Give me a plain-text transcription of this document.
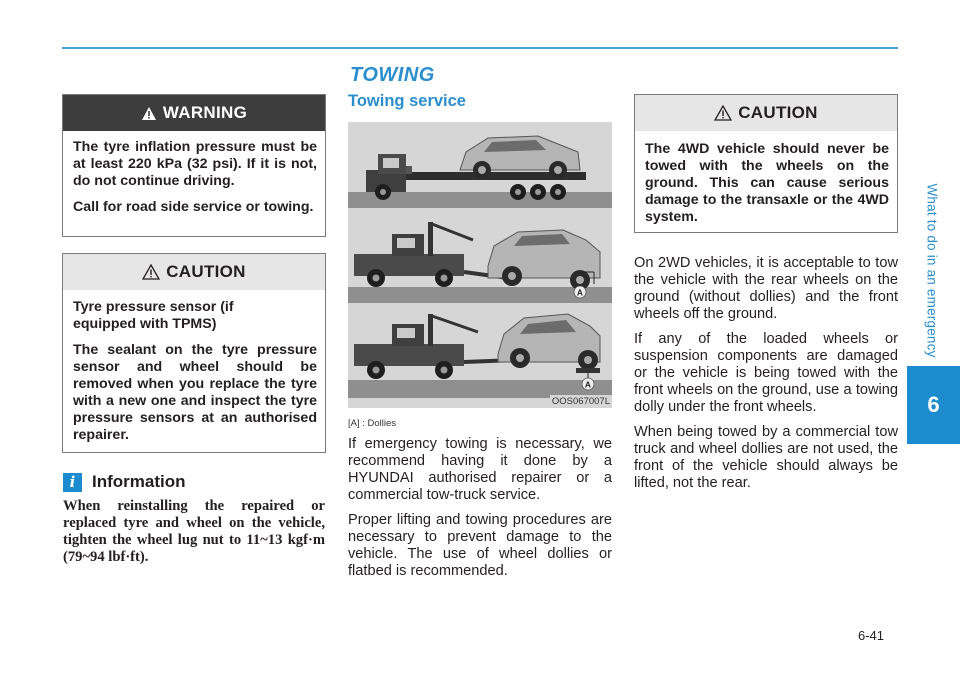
What to do in an emergency
6
WARNING

The tyre inflation pressure must be at least 220 kPa (32 psi). If it is not, do not continue driving.

Call for road side service or towing.

CAUTION

Tyre pressure sensor (if equipped with TPMS)

The sealant on the tyre pressure sensor and wheel should be removed when you replace the tyre with a new one and inspect the tyre pressure sensors at an authorised repairer.

i Information
When reinstalling the repaired or replaced tyre and wheel on the vehicle, tighten the wheel lug nut to 11~13 kgf·m (79~94 lbf·ft).
TOWING
Towing service
A
A
OOS067007L
[A] : Dollies

If emergency towing is necessary, we recommend having it done by a HYUNDAI authorised repairer or a commercial tow-truck service.

Proper lifting and towing procedures are necessary to prevent damage to the vehicle. The use of wheel dollies or flatbed is recommended.

CAUTION

The 4WD vehicle should never be towed with the wheels on the ground. This can cause serious damage to the transaxle or the 4WD system.

On 2WD vehicles, it is acceptable to tow the vehicle with the rear wheels on the ground (without dollies) and the front wheels off the ground.

If any of the loaded wheels or suspension components are damaged or the vehicle is being towed with the front wheels on the ground, use a towing dolly under the front wheels.

When being towed by a commercial tow truck and wheel dollies are not used, the front of the vehicle should always be lifted, not the rear.

6-41
